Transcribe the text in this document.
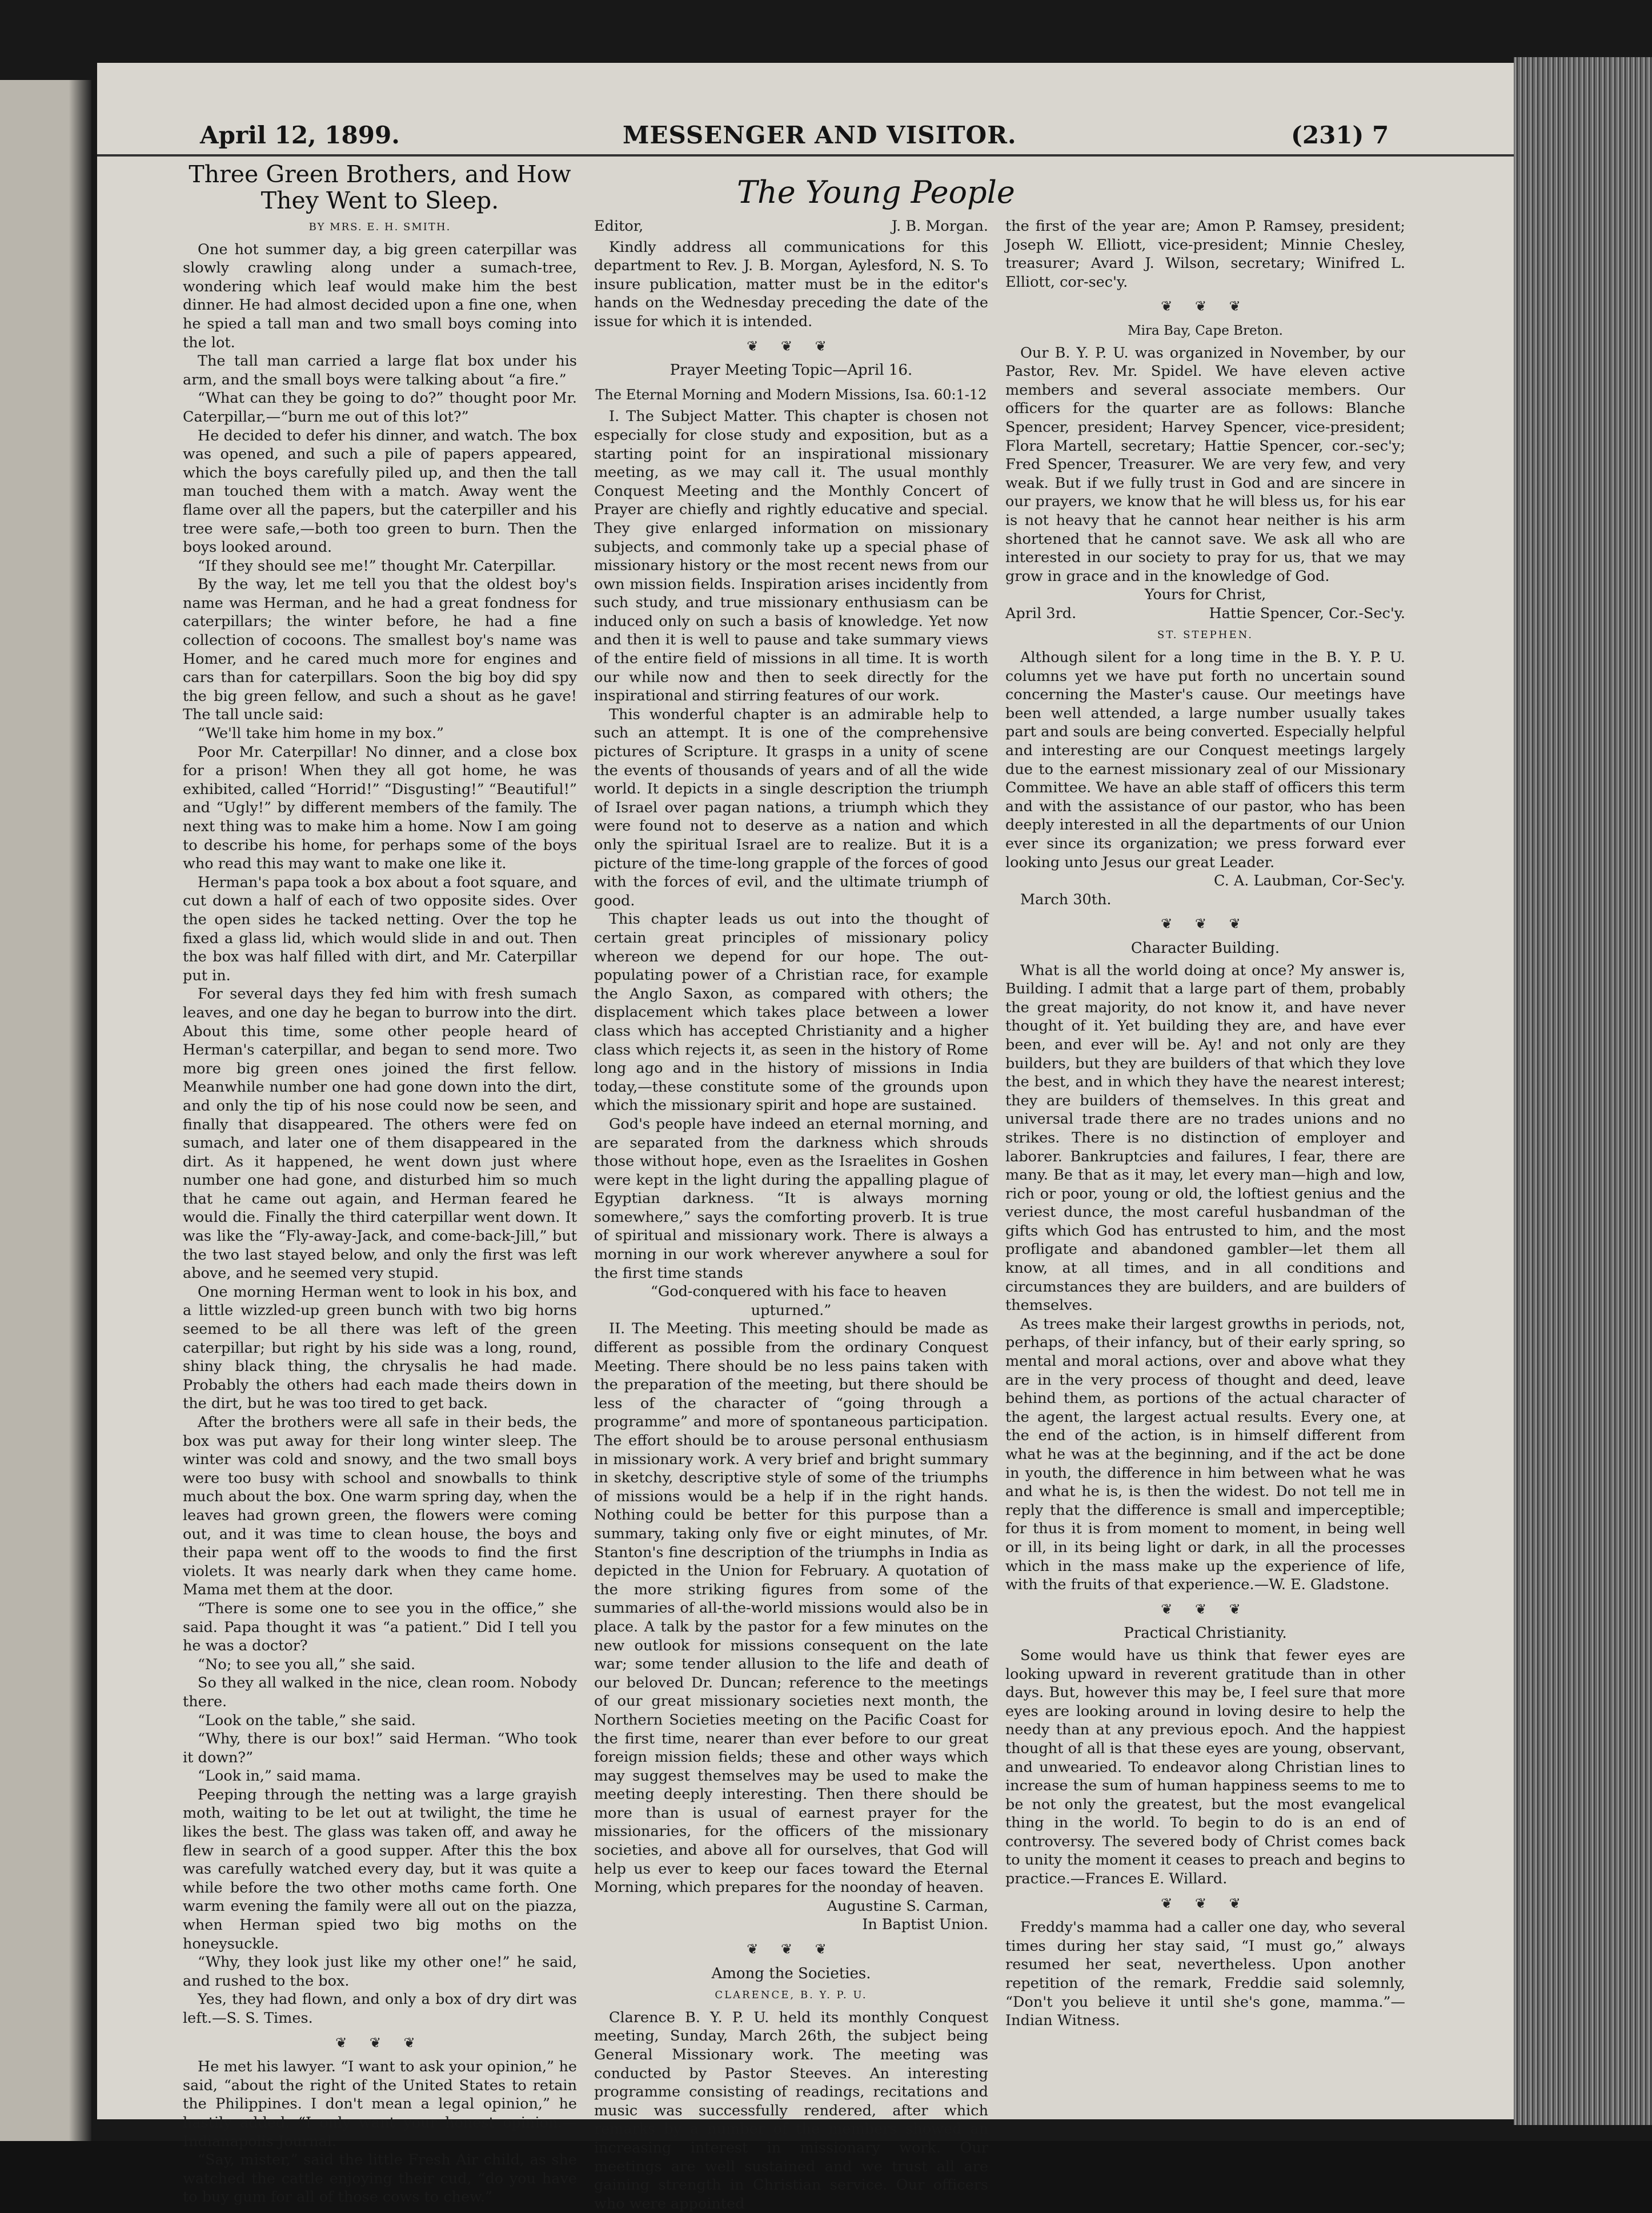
April 12, 1899.	MESSENGER AND VISITOR.	(231) 7
Three Green Brothers, and How They Went to Sleep.
BY MRS. E. H. SMITH.

One hot summer day, a big green caterpillar was slowly crawling along under a sumach-tree, wondering which leaf would make him the best dinner. He had almost decided upon a fine one, when he spied a tall man and two small boys coming into the lot.

The tall man carried a large flat box under his arm, and the small boys were talking about “a fire.”

“What can they be going to do?” thought poor Mr. Caterpillar,—“burn me out of this lot?”

He decided to defer his dinner, and watch. The box was opened, and such a pile of papers appeared, which the boys carefully piled up, and then the tall man touched them with a match. Away went the flame over all the papers, but the caterpiller and his tree were safe,—both too green to burn. Then the boys looked around.

“If they should see me!” thought Mr. Caterpillar.

By the way, let me tell you that the oldest boy's name was Herman, and he had a great fondness for caterpillars; the winter before, he had a fine collection of cocoons. The smallest boy's name was Homer, and he cared much more for engines and cars than for caterpillars. Soon the big boy did spy the big green fellow, and such a shout as he gave! The tall uncle said:

“We'll take him home in my box.”

Poor Mr. Caterpillar! No dinner, and a close box for a prison! When they all got home, he was exhibited, called “Horrid!” “Disgusting!” “Beautiful!” and “Ugly!” by different members of the family. The next thing was to make him a home. Now I am going to describe his home, for perhaps some of the boys who read this may want to make one like it.

Herman's papa took a box about a foot square, and cut down a half of each of two opposite sides. Over the open sides he tacked netting. Over the top he fixed a glass lid, which would slide in and out. Then the box was half filled with dirt, and Mr. Caterpillar put in.

For several days they fed him with fresh sumach leaves, and one day he began to burrow into the dirt. About this time, some other people heard of Herman's caterpillar, and began to send more. Two more big green ones joined the first fellow. Meanwhile number one had gone down into the dirt, and only the tip of his nose could now be seen, and finally that disappeared. The others were fed on sumach, and later one of them disappeared in the dirt. As it happened, he went down just where number one had gone, and disturbed him so much that he came out again, and Herman feared he would die. Finally the third caterpillar went down. It was like the “Fly-away-Jack, and come-back-Jill,” but the two last stayed below, and only the first was left above, and he seemed very stupid.

One morning Herman went to look in his box, and a little wizzled-up green bunch with two big horns seemed to be all there was left of the green caterpillar; but right by his side was a long, round, shiny black thing, the chrysalis he had made. Probably the others had each made theirs down in the dirt, but he was too tired to get back.

After the brothers were all safe in their beds, the box was put away for their long winter sleep. The winter was cold and snowy, and the two small boys were too busy with school and snowballs to think much about the box. One warm spring day, when the leaves had grown green, the flowers were coming out, and it was time to clean house, the boys and their papa went off to the woods to find the first violets. It was nearly dark when they came home. Mama met them at the door.

“There is some one to see you in the office,” she said. Papa thought it was “a patient.” Did I tell you he was a doctor?

“No; to see you all,” she said.

So they all walked in the nice, clean room. Nobody there.

“Look on the table,” she said.

“Why, there is our box!” said Herman. “Who took it down?”

“Look in,” said mama.

Peeping through the netting was a large grayish moth, waiting to be let out at twilight, the time he likes the best. The glass was taken off, and away he flew in search of a good supper. After this the box was carefully watched every day, but it was quite a while before the two other moths came forth. One warm evening the family were all out on the piazza, when Herman spied two big moths on the honeysuckle.

“Why, they look just like my other one!” he said, and rushed to the box.

Yes, they had flown, and only a box of dry dirt was left.—S. S. Times.

❦ ❦ ❦

He met his lawyer. “I want to ask your opinion,” he said, “about the right of the United States to retain the Philippines. I don't mean a legal opinion,” he hastily added. “I only want your honest opinion.—Indianapolis Journal.

“Say, mister,” said the little Fresh Air child, as she watched the cattle enjoying their cud, “do you have to buy gum for all of those cows to chew.”

The Young People
Editor,	J. B. Morgan.

Kindly address all communications for this department to Rev. J. B. Morgan, Aylesford, N. S. To insure publication, matter must be in the editor's hands on the Wednesday preceding the date of the issue for which it is intended.

❦ ❦ ❦
Prayer Meeting Topic—April 16.
The Eternal Morning and Modern Missions, Isa. 60:1-12

I. The Subject Matter. This chapter is chosen not especially for close study and exposition, but as a starting point for an inspirational missionary meeting, as we may call it. The usual monthly Conquest Meeting and the Monthly Concert of Prayer are chiefly and rightly educative and special. They give enlarged information on missionary subjects, and commonly take up a special phase of missionary history or the most recent news from our own mission fields. Inspiration arises incidently from such study, and true missionary enthusiasm can be induced only on such a basis of knowledge. Yet now and then it is well to pause and take summary views of the entire field of missions in all time. It is worth our while now and then to seek directly for the inspirational and stirring features of our work.

This wonderful chapter is an admirable help to such an attempt. It is one of the comprehensive pictures of Scripture. It grasps in a unity of scene the events of thousands of years and of all the wide world. It depicts in a single description the triumph of Israel over pagan nations, a triumph which they were found not to deserve as a nation and which only the spiritual Israel are to realize. But it is a picture of the time-long grapple of the forces of good with the forces of evil, and the ultimate triumph of good.

This chapter leads us out into the thought of certain great principles of missionary policy whereon we depend for our hope. The out-populating power of a Christian race, for example the Anglo Saxon, as compared with others; the displacement which takes place between a lower class which has accepted Christianity and a higher class which rejects it, as seen in the history of Rome long ago and in the history of missions in India today,—these constitute some of the grounds upon which the missionary spirit and hope are sustained.

God's people have indeed an eternal morning, and are separated from the darkness which shrouds those without hope, even as the Israelites in Goshen were kept in the light during the appalling plague of Egyptian darkness. “It is always morning somewhere,” says the comforting proverb. It is true of spiritual and missionary work. There is always a morning in our work wherever anywhere a soul for the first time stands

“God-conquered with his face to heaven upturned.”

II. The Meeting. This meeting should be made as different as possible from the ordinary Conquest Meeting. There should be no less pains taken with the preparation of the meeting, but there should be less of the character of “going through a programme” and more of spontaneous participation. The effort should be to arouse personal enthusiasm in missionary work. A very brief and bright summary in sketchy, descriptive style of some of the triumphs of missions would be a help if in the right hands. Nothing could be better for this purpose than a summary, taking only five or eight minutes, of Mr. Stanton's fine description of the triumphs in India as depicted in the Union for February. A quotation of the more striking figures from some of the summaries of all-the-world missions would also be in place. A talk by the pastor for a few minutes on the new outlook for missions consequent on the late war; some tender allusion to the life and death of our beloved Dr. Duncan; reference to the meetings of our great missionary societies next month, the Northern Societies meeting on the Pacific Coast for the first time, nearer than ever before to our great foreign mission fields; these and other ways which may suggest themselves may be used to make the meeting deeply interesting. Then there should be more than is usual of earnest prayer for the missionaries, for the officers of the missionary societies, and above all for ourselves, that God will help us ever to keep our faces toward the Eternal Morning, which prepares for the noonday of heaven.

Augustine S. Carman,
In Baptist Union.
❦ ❦ ❦
Among the Societies.
CLARENCE, B. Y. P. U.

Clarence B. Y. P. U. held its monthly Conquest meeting, Sunday, March 26th, the subject being General Missionary work. The meeting was conducted by Pastor Steeves. An interesting programme consisting of readings, recitations and music was successfully rendered, after which remarks by a number of the members showed an increasing interest in missionary work. Our meetings are well sustained and we trust all are gaining strength in Christian service. Our officers who were appointed

the first of the year are; Amon P. Ramsey, president; Joseph W. Elliott, vice-president; Minnie Chesley, treasurer; Avard J. Wilson, secretary; Winifred L. Elliott, cor-sec'y.

❦ ❦ ❦
Mira Bay, Cape Breton.

Our B. Y. P. U. was organized in November, by our Pastor, Rev. Mr. Spidel. We have eleven active members and several associate members. Our officers for the quarter are as follows: Blanche Spencer, president; Harvey Spencer, vice-president; Flora Martell, secretary; Hattie Spencer, cor.-sec'y; Fred Spencer, Treasurer. We are very few, and very weak. But if we fully trust in God and are sincere in our prayers, we know that he will bless us, for his ear is not heavy that he cannot hear neither is his arm shortened that he cannot save. We ask all who are interested in our society to pray for us, that we may grow in grace and in the knowledge of God.

Yours for Christ,
April 3rd.	Hattie Spencer, Cor.-Sec'y.
ST. STEPHEN.

Although silent for a long time in the B. Y. P. U. columns yet we have put forth no uncertain sound concerning the Master's cause. Our meetings have been well attended, a large number usually takes part and souls are being converted. Especially helpful and interesting are our Conquest meetings largely due to the earnest missionary zeal of our Missionary Committee. We have an able staff of officers this term and with the assistance of our pastor, who has been deeply interested in all the departments of our Union ever since its organization; we press forward ever looking unto Jesus our great Leader.

C. A. Laubman, Cor-Sec'y.
March 30th.
❦ ❦ ❦
Character Building.

What is all the world doing at once? My answer is, Building. I admit that a large part of them, probably the great majority, do not know it, and have never thought of it. Yet building they are, and have ever been, and ever will be. Ay! and not only are they builders, but they are builders of that which they love the best, and in which they have the nearest interest; they are builders of themselves. In this great and universal trade there are no trades unions and no strikes. There is no distinction of employer and laborer. Bankruptcies and failures, I fear, there are many. Be that as it may, let every man—high and low, rich or poor, young or old, the loftiest genius and the veriest dunce, the most careful husbandman of the gifts which God has entrusted to him, and the most profligate and abandoned gambler—let them all know, at all times, and in all conditions and circumstances they are builders, and are builders of themselves.

As trees make their largest growths in periods, not, perhaps, of their infancy, but of their early spring, so mental and moral actions, over and above what they are in the very process of thought and deed, leave behind them, as portions of the actual character of the agent, the largest actual results. Every one, at the end of the action, is in himself different from what he was at the beginning, and if the act be done in youth, the difference in him between what he was and what he is, is then the widest. Do not tell me in reply that the difference is small and imperceptible; for thus it is from moment to moment, in being well or ill, in its being light or dark, in all the processes which in the mass make up the experience of life, with the fruits of that experience.—W. E. Gladstone.

❦ ❦ ❦
Practical Christianity.

Some would have us think that fewer eyes are looking upward in reverent gratitude than in other days. But, however this may be, I feel sure that more eyes are looking around in loving desire to help the needy than at any previous epoch. And the happiest thought of all is that these eyes are young, observant, and unwearied. To endeavor along Christian lines to increase the sum of human happiness seems to me to be not only the greatest, but the most evangelical thing in the world. To begin to do is an end of controversy. The severed body of Christ comes back to unity the moment it ceases to preach and begins to practice.—Frances E. Willard.

❦ ❦ ❦

Freddy's mamma had a caller one day, who several times during her stay said, “I must go,” always resumed her seat, nevertheless. Upon another repetition of the remark, Freddie said solemnly, “Don't you believe it until she's gone, mamma.”—Indian Witness.
